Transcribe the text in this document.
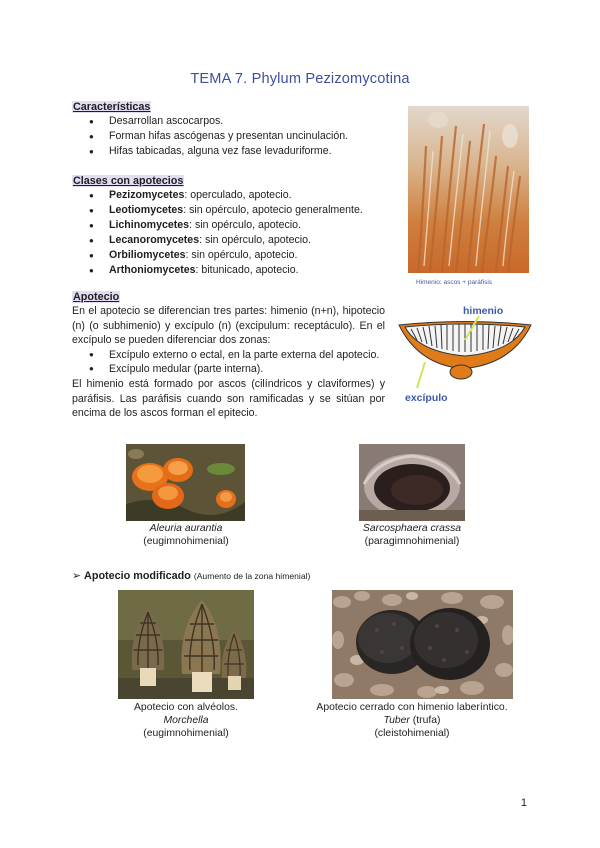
TEMA 7. Phylum Pezizomycotina
Características
● Desarrollan ascocarpos.
● Forman hifas ascógenas y presentan uncinulación.
● Hifas tabicadas, alguna vez fase levaduriforme.
Clases con apotecios
● Pezizomycetes: operculado, apotecio.
● Leotiomycetes: sin opérculo, apotecio generalmente.
● Lichinomycetes: sin opérculo, apotecio.
● Lecanoromycetes: sin opérculo, apotecio.
● Orbiliomycetes: sin opérculo, apotecio.
● Arthoniomycetes: bitunicado, apotecio.
Apotecio

En el apotecio se diferencian tres partes: himenio (n+n), hipotecio (n) (o subhimenio) y excípulo (n) (excipulum: receptáculo). En el excípulo se pueden diferenciar dos zonas:

● Excípulo externo o ectal, en la parte externa del apotecio.
● Excípulo medular (parte interna).

El himenio está formado por ascos (cilíndricos y claviformes) y paráfisis. Las paráfisis cuando son ramificadas y se sitúan por encima de los ascos forman el epitecio.

Himenio: ascos + paráfisis
himenio
excípulo
Aleuria aurantia
(eugimnohimenial)
Sarcosphaera crassa
(paragimnohimenial)
➢ Apotecio modificado (Aumento de la zona himenial)
Apotecio con alvéolos.
Morchella
(eugimnohimenial)
Apotecio cerrado con himenio laberíntico.
Tuber (trufa)
(cleistohimenial)
1
